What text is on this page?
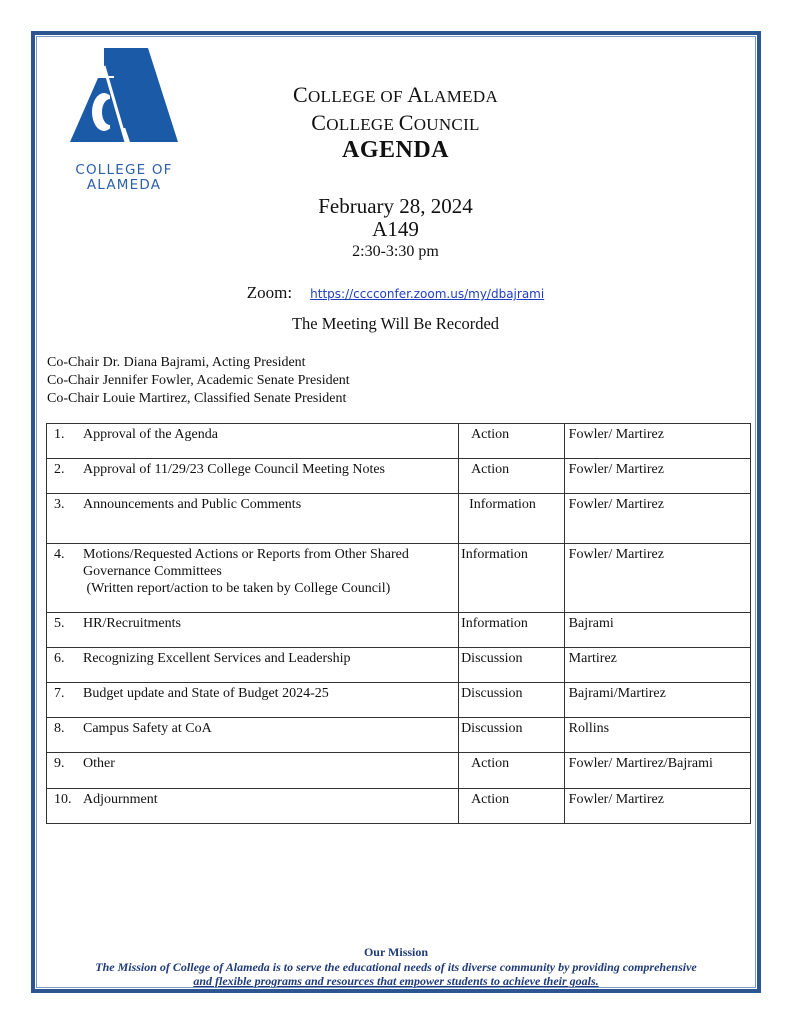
COLLEGE OF
ALAMEDA
COLLEGE OF ALAMEDA
COLLEGE COUNCIL
AGENDA
February 28, 2024
A149
2:30-3:30 pm
Zoom: https://cccconfer.zoom.us/my/dbajrami
The Meeting Will Be Recorded
Co-Chair Dr. Diana Bajrami, Acting President
Co-Chair Jennifer Fowler, Academic Senate President
Co-Chair Louie Martirez, Classified Senate President
1. Approval of the Agenda	Action	Fowler/ Martirez
2. Approval of 11/29/23 College Council Meeting Notes	Action	Fowler/ Martirez
3. Announcements and Public Comments	Information	Fowler/ Martirez
4. Motions/Requested Actions or Reports from Other Shared Governance Committees
(Written report/action to be taken by College Council)	Information	Fowler/ Martirez
5. HR/Recruitments	Information	Bajrami
6. Recognizing Excellent Services and Leadership	Discussion	Martirez
7. Budget update and State of Budget 2024-25	Discussion	Bajrami/Martirez
8. Campus Safety at CoA	Discussion	Rollins
9. Other	Action	Fowler/ Martirez/Bajrami
10. Adjournment	Action	Fowler/ Martirez
Our Mission
The Mission of College of Alameda is to serve the educational needs of its diverse community by providing comprehensive
and flexible programs and resources that empower students to achieve their goals.
